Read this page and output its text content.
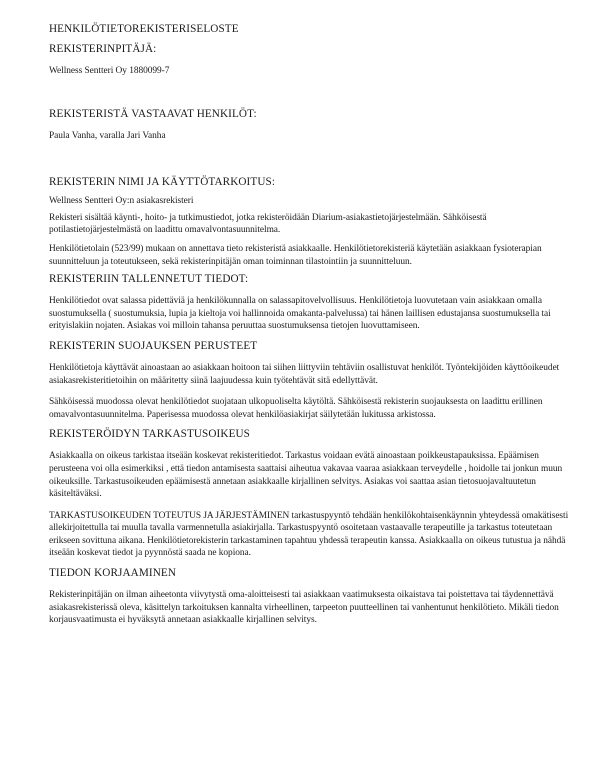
HENKILÖTIETOREKISTERISELOSTE

REKISTERINPITÄJÄ:

Wellness Sentteri Oy 1880099-7

REKISTERISTÄ VASTAAVAT HENKILÖT:

Paula Vanha, varalla Jari Vanha

REKISTERIN NIMI JA KÄYTTÖTARKOITUS:

Wellness Sentteri Oy:n asiakasrekisteri

Rekisteri sisältää käynti-, hoito- ja tutkimustiedot, jotka rekisteröidään Diarium-asiakastietojärjestelmään. Sähköisestä potilastietojärjestelmästä on laadittu omavalvontasuunnitelma.

Henkilötietolain (523/99) mukaan on annettava tieto rekisteristä asiakkaalle. Henkilötietorekisteriä käytetään asiakkaan fysioterapian suunnitteluun ja toteutukseen, sekä rekisterinpitäjän oman toiminnan tilastointiin ja suunnitteluun.

REKISTERIIN TALLENNETUT TIEDOT:

Henkilötiedot ovat salassa pidettäviä ja henkilökunnalla on salassapitovelvollisuus. Henkilötietoja luovutetaan vain asiakkaan omalla suostumuksella ( suostumuksia, lupia ja kieltoja voi hallinnoida omakanta-palvelussa) tai hänen laillisen edustajansa suostumuksella tai erityislakiin nojaten. Asiakas voi milloin tahansa peruuttaa suostumuksensa tietojen luovuttamiseen.

REKISTERIN SUOJAUKSEN PERUSTEET

Henkilötietoja käyttävät ainoastaan ao asiakkaan hoitoon tai siihen liittyviin tehtäviin osallistuvat henkilöt. Työntekijöiden käyttöoikeudet asiakasrekisteritietoihin on määritetty siinä laajuudessa kuin työtehtävät sitä edellyttävät.

Sähköisessä muodossa olevat henkilötiedot suojataan ulkopuoliselta käytöltä. Sähköisestä rekisterin suojauksesta on laadittu erillinen omavalvontasuunnitelma. Paperisessa muodossa olevat henkilöasiakirjat säilytetään lukitussa arkistossa.

REKISTERÖIDYN TARKASTUSOIKEUS

Asiakkaalla on oikeus tarkistaa itseään koskevat rekisteritiedot. Tarkastus voidaan evätä ainoastaan poikkeustapauksissa. Epäämisen perusteena voi olla esimerkiksi , että tiedon antamisesta saattaisi aiheutua vakavaa vaaraa asiakkaan terveydelle , hoidolle tai jonkun muun oikeuksille. Tarkastusoikeuden epäämisestä annetaan asiakkaalle kirjallinen selvitys. Asiakas voi saattaa asian tietosuojavaltuutetun käsiteltäväksi.

TARKASTUSOIKEUDEN TOTEUTUS JA JÄRJESTÄMINEN tarkastuspyyntö tehdään henkilökohtaisenkäynnin yhteydessä omakätisesti allekirjoitettulla tai muulla tavalla varmennetulla asiakirjalla. Tarkastuspyyntö osoitetaan vastaavalle terapeutille ja tarkastus toteutetaan erikseen sovittuna aikana. Henkilötietorekisterin tarkastaminen tapahtuu yhdessä terapeutin kanssa. Asiakkaalla on oikeus tutustua ja nähdä itseään koskevat tiedot ja pyynnöstä saada ne kopiona.

TIEDON KORJAAMINEN

Rekisterinpitäjän on ilman aiheetonta viivytystä oma-aloitteisesti tai asiakkaan vaatimuksesta oikaistava tai poistettava tai täydennettävä asiakasrekisterissä oleva, käsittelyn tarkoituksen kannalta virheellinen, tarpeeton puutteellinen tai vanhentunut henkilötieto. Mikäli tiedon korjausvaatimusta ei hyväksytä annetaan asiakkaalle kirjallinen selvitys.
